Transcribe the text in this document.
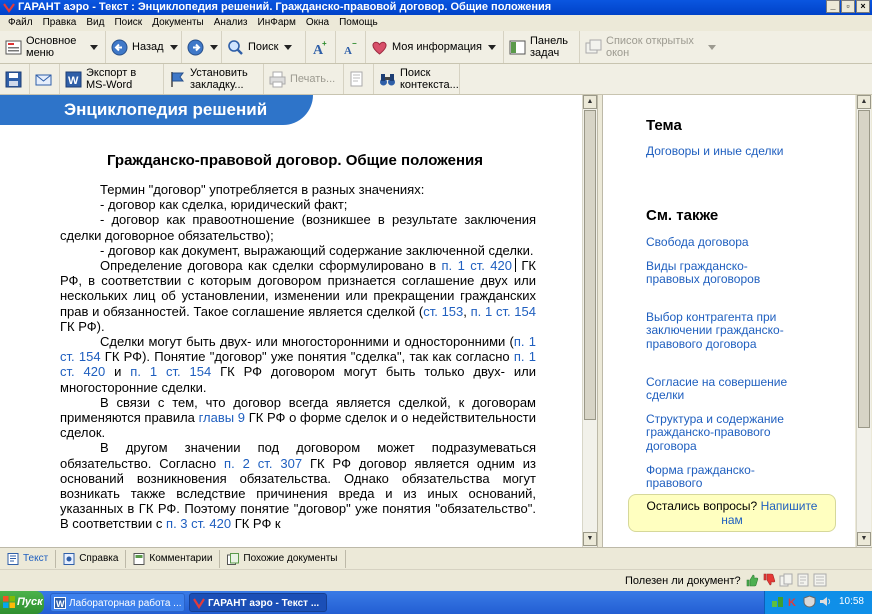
ГАРАНТ аэро - Текст : Энциклопедия решений. Гражданско-правовой договор. Общие положения	_	▫	×
Файл	Правка	Вид	Поиск	Документы	Анализ	ИнФарм	Окна	Помощь
Основное
меню	Назад	Поиск A
+
A
−	Моя информация	Панель
задач
Список открытых
окон
W
Экспорт в
MS-Word
Установить
закладку...	Печать...	Поиск
контекста...
Энциклопедия решений
Гражданско-правовой договор. Общие положения

Термин "договор" употребляется в разных значениях:

- договор как сделка, юридический факт;

- договор как правоотношение (возникшее в результате заключения сделки договорное обязательство);

- договор как документ, выражающий содержание заключенной сделки.

Определение договора как сделки сформулировано в п. 1 ст. 420 ГК РФ, в соответствии с которым договором признается соглашение двух или нескольких лиц об установлении, изменении или прекращении гражданских прав и обязанностей. Такое соглашение является сделкой (ст. 153, п. 1 ст. 154 ГК РФ).

Сделки могут быть двух- или многосторонними и односторонними (п. 1 ст. 154 ГК РФ). Понятие "договор" уже понятия "сделка", так как согласно п. 1 ст. 420 и п. 1 ст. 154 ГК РФ договором могут быть только двух- или многосторонние сделки.

В связи с тем, что договор всегда является сделкой, к договорам применяются правила главы 9 ГК РФ о форме сделок и о недействительности сделок.

В другом значении под договором может подразумеваться обязательство. Согласно п. 2 ст. 307 ГК РФ договор является одним из оснований возникновения обязательства. Однако обязательства могут возникать также вследствие причинения вреда и из иных оснований, указанных в ГК РФ. Поэтому понятие "договор" уже понятия "обязательство". В соответствии с п. 3 ст. 420 ГК РФ к

▲
▼
Тема
Договоры и иные сделки
См. также
Свобода договора
Виды гражданско-правовых договоров
Выбор контрагента при заключении гражданско-правового договора
Согласие на совершение сделки
Структура и содержание гражданско-правового договора
Форма гражданско-правового
Остались вопросы? Напишите
нам
▲
▼
Текст	Справка	Комментарии	Похожие документы
Полезен ли документ?
Пуск W Лабораторная работа ...	ГАРАНТ аэро - Текст ...	K	10:58
